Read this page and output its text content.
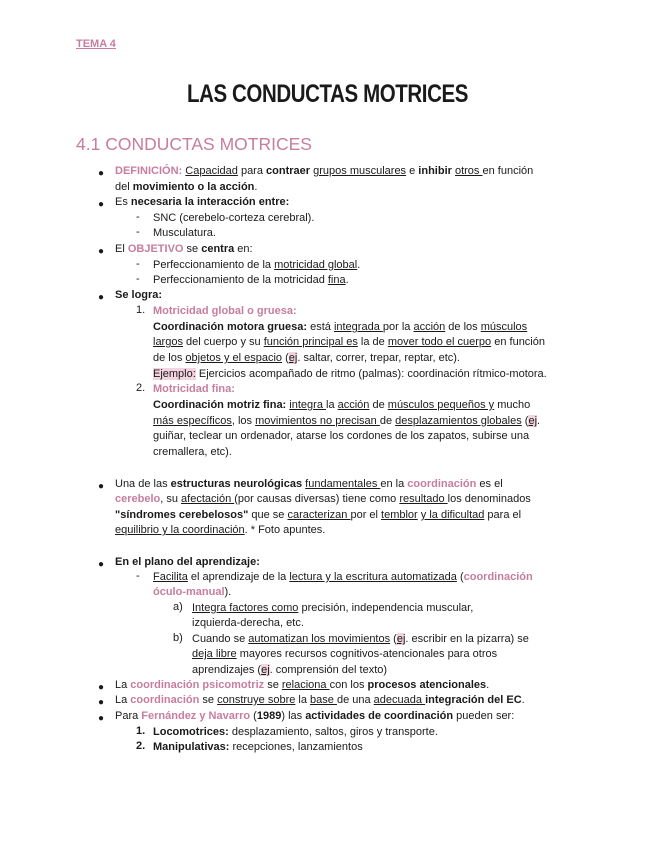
TEMA 4
LAS CONDUCTAS MOTRICES
4.1 CONDUCTAS MOTRICES
● DEFINICIÓN: Capacidad para contraer grupos musculares e inhibir otros en función
del movimiento o la acción.
● Es necesaria la interacción entre:
- SNC (cerebelo-corteza cerebral).
- Musculatura.
● El OBJETIVO se centra en:
- Perfeccionamiento de la motricidad global.
- Perfeccionamiento de la motricidad fina.
● Se logra:
1. Motricidad global o gruesa:
Coordinación motora gruesa: está integrada por la acción de los músculos
largos del cuerpo y su función principal es la de mover todo el cuerpo en función
de los objetos y el espacio (ej. saltar, correr, trepar, reptar, etc).
Ejemplo: Ejercicios acompañado de ritmo (palmas): coordinación rítmico-motora.
2. Motricidad fina:
Coordinación motriz fina: integra la acción de músculos pequeños y mucho
más específicos, los movimientos no precisan de desplazamientos globales (ej.
guiñar, teclear un ordenador, atarse los cordones de los zapatos, subirse una
cremallera, etc).
● Una de las estructuras neurológicas fundamentales en la coordinación es el
cerebelo, su afectación (por causas diversas) tiene como resultado los denominados
"síndromes cerebelosos" que se caracterizan por el temblor y la dificultad para el
equilibrio y la coordinación. * Foto apuntes.
● En el plano del aprendizaje:
- Facilita el aprendizaje de la lectura y la escritura automatizada (coordinación
óculo-manual).
a) Integra factores como precisión, independencia muscular,
izquierda-derecha, etc.
b) Cuando se automatizan los movimientos (ej. escribir en la pizarra) se
deja libre mayores recursos cognitivos-atencionales para otros
aprendizajes (ej. comprensión del texto)
● La coordinación psicomotriz se relaciona con los procesos atencionales.
● La coordinación se construye sobre la base de una adecuada integración del EC.
● Para Fernández y Navarro (1989) las actividades de coordinación pueden ser:
1. Locomotrices: desplazamiento, saltos, giros y transporte.
2. Manipulativas: recepciones, lanzamientos
